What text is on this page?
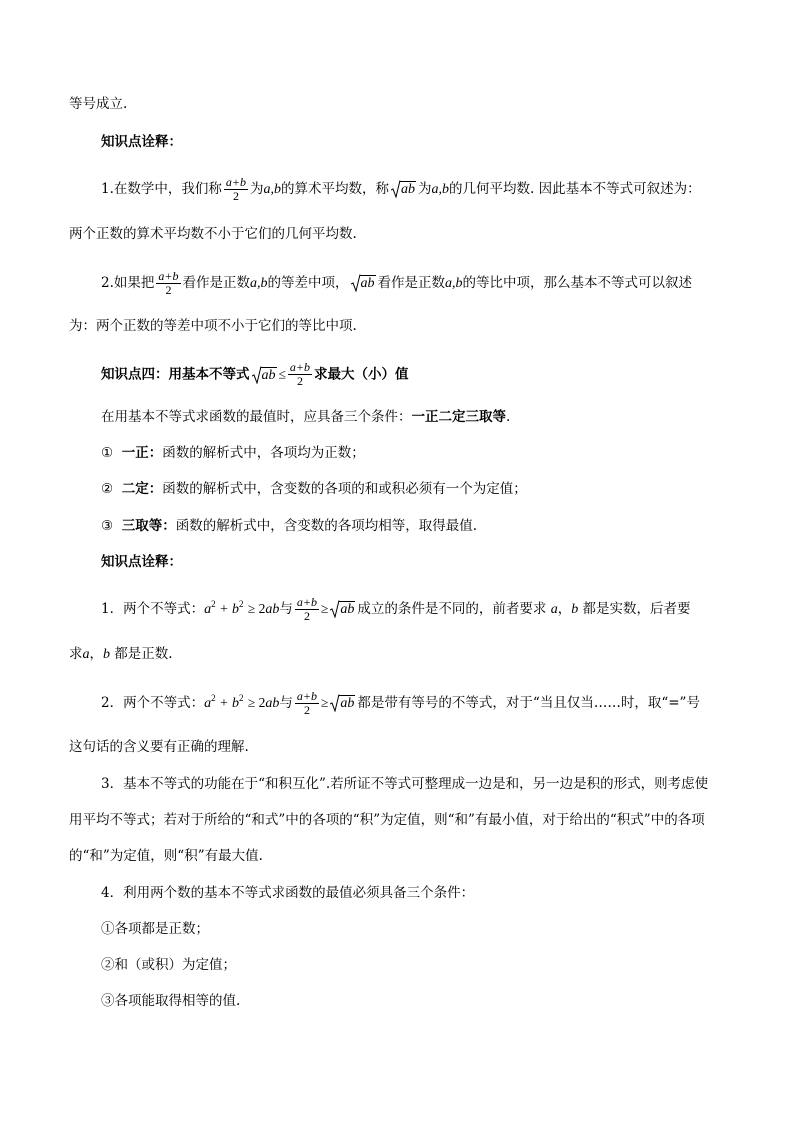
等号成立.
知识点诠释：
1.在数学中，我们称 $\frac{a+b}{2}$ 为a,b的算术平均数，称 ab 为a,b的几何平均数. 因此基本不等式可叙述为：
两个正数的算术平均数不小于它们的几何平均数.
2.如果把 $\frac{a+b}{2}$ 看作是正数a,b的等差中项， ab 看作是正数a,b的等比中项，那么基本不等式可以叙述
为：两个正数的等差中项不小于它们的等比中项.
知识点四：用基本不等式 ab ≤ $\frac{a+b}{2}$ 求最大（小）值
在用基本不等式求函数的最值时，应具备三个条件：一正二定三取等.
① 一正：函数的解析式中，各项均为正数；
② 二定：函数的解析式中，含变数的各项的和或积必须有一个为定值；
③ 三取等：函数的解析式中，含变数的各项均相等，取得最值.
知识点诠释：
1．两个不等式：$a^2 + b^2 \ge 2ab$与 $\frac{a+b}{2}$ ≥ ab 成立的条件是不同的，前者要求 a，b 都是实数，后者要
求a，b 都是正数.
2．两个不等式：$a^2 + b^2 \ge 2ab$与 $\frac{a+b}{2}$ ≥ ab 都是带有等号的不等式，对于“当且仅当……时，取“=”号
这句话的含义要有正确的理解.
3．基本不等式的功能在于“和积互化”.若所证不等式可整理成一边是和，另一边是积的形式，则考虑使
用平均不等式；若对于所给的“和式”中的各项的“积”为定值，则“和”有最小值，对于给出的“积式”中的各项
的“和”为定值，则“积”有最大值.
4．利用两个数的基本不等式求函数的最值必须具备三个条件：
①各项都是正数；
②和（或积）为定值；
③各项能取得相等的值.
